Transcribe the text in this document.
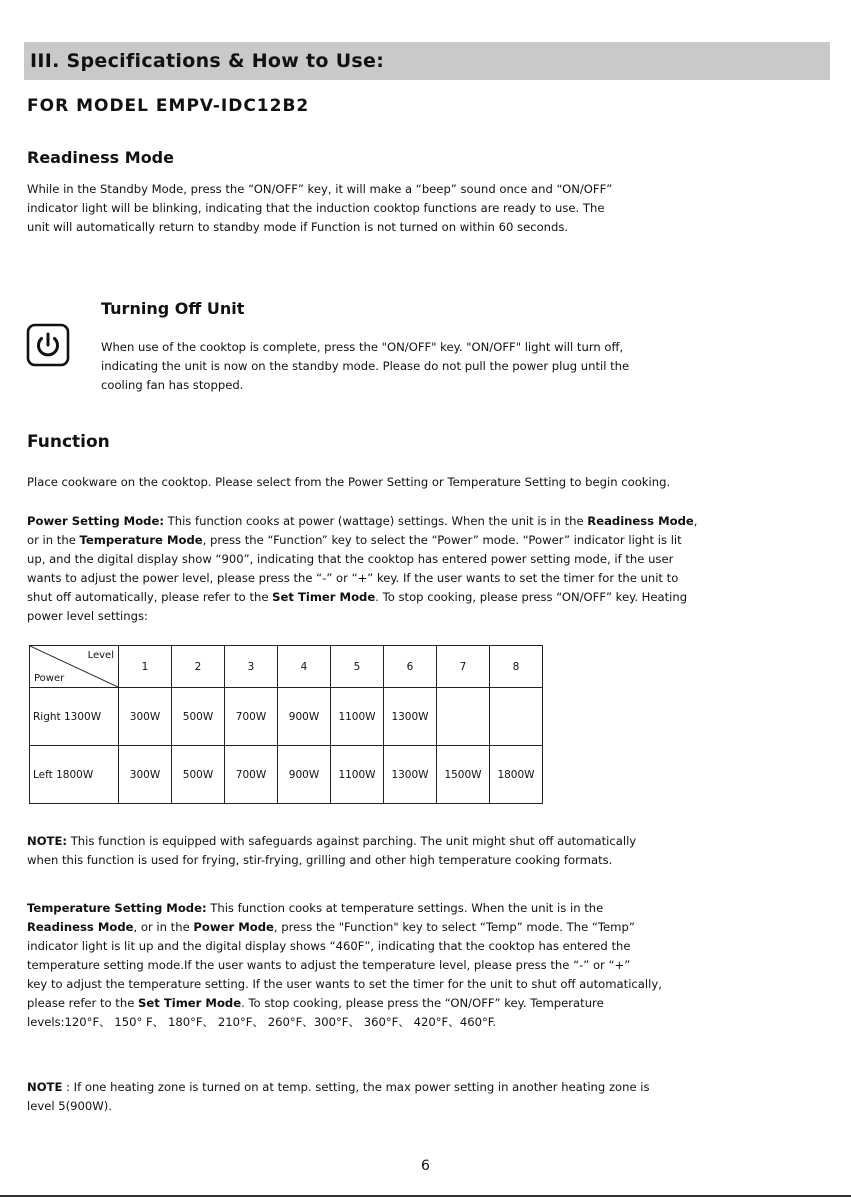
III. Specifications & How to Use:
FOR MODEL EMPV-IDC12B2
Readiness Mode

While in the Standby Mode, press the “ON/OFF” key, it will make a “beep” sound once and “ON/OFF”
indicator light will be blinking, indicating that the induction cooktop functions are ready to use. The
unit will automatically return to standby mode if Function is not turned on within 60 seconds.

Turning Off Unit

When use of the cooktop is complete, press the "ON/OFF" key. "ON/OFF" light will turn off,
indicating the unit is now on the standby mode. Please do not pull the power plug until the
cooling fan has stopped.

Function

Place cookware on the cooktop. Please select from the Power Setting or Temperature Setting to begin cooking.

Power Setting Mode: This function cooks at power (wattage) settings. When the unit is in the Readiness Mode,
or in the Temperature Mode, press the “Function” key to select the “Power” mode. “Power” indicator light is lit
up, and the digital display show “900”, indicating that the cooktop has entered power setting mode, if the user
wants to adjust the power level, please press the “-” or “+” key. If the user wants to set the timer for the unit to
shut off automatically, please refer to the Set Timer Mode. To stop cooking, please press “ON/OFF” key. Heating
power level settings:

Level
Power	1	2	3	4	5	6	7	8
Right 1300W	300W	500W	700W	900W	1100W	1300W		
Left 1800W	300W	500W	700W	900W	1100W	1300W	1500W	1800W

NOTE: This function is equipped with safeguards against parching. The unit might shut off automatically
when this function is used for frying, stir-frying, grilling and other high temperature cooking formats.

Temperature Setting Mode: This function cooks at temperature settings. When the unit is in the
Readiness Mode, or in the Power Mode, press the "Function" key to select “Temp” mode. The “Temp”
indicator light is lit up and the digital display shows “460F”, indicating that the cooktop has entered the
temperature setting mode.If the user wants to adjust the temperature level, please press the “-” or “+”
key to adjust the temperature setting. If the user wants to set the timer for the unit to shut off automatically,
please refer to the Set Timer Mode. To stop cooking, please press the “ON/OFF” key. Temperature
levels:120°F、 150° F、 180°F、 210°F、 260°F、300°F、 360°F、 420°F、460°F.

NOTE : If one heating zone is turned on at temp. setting, the max power setting in another heating zone is
level 5(900W).

6
